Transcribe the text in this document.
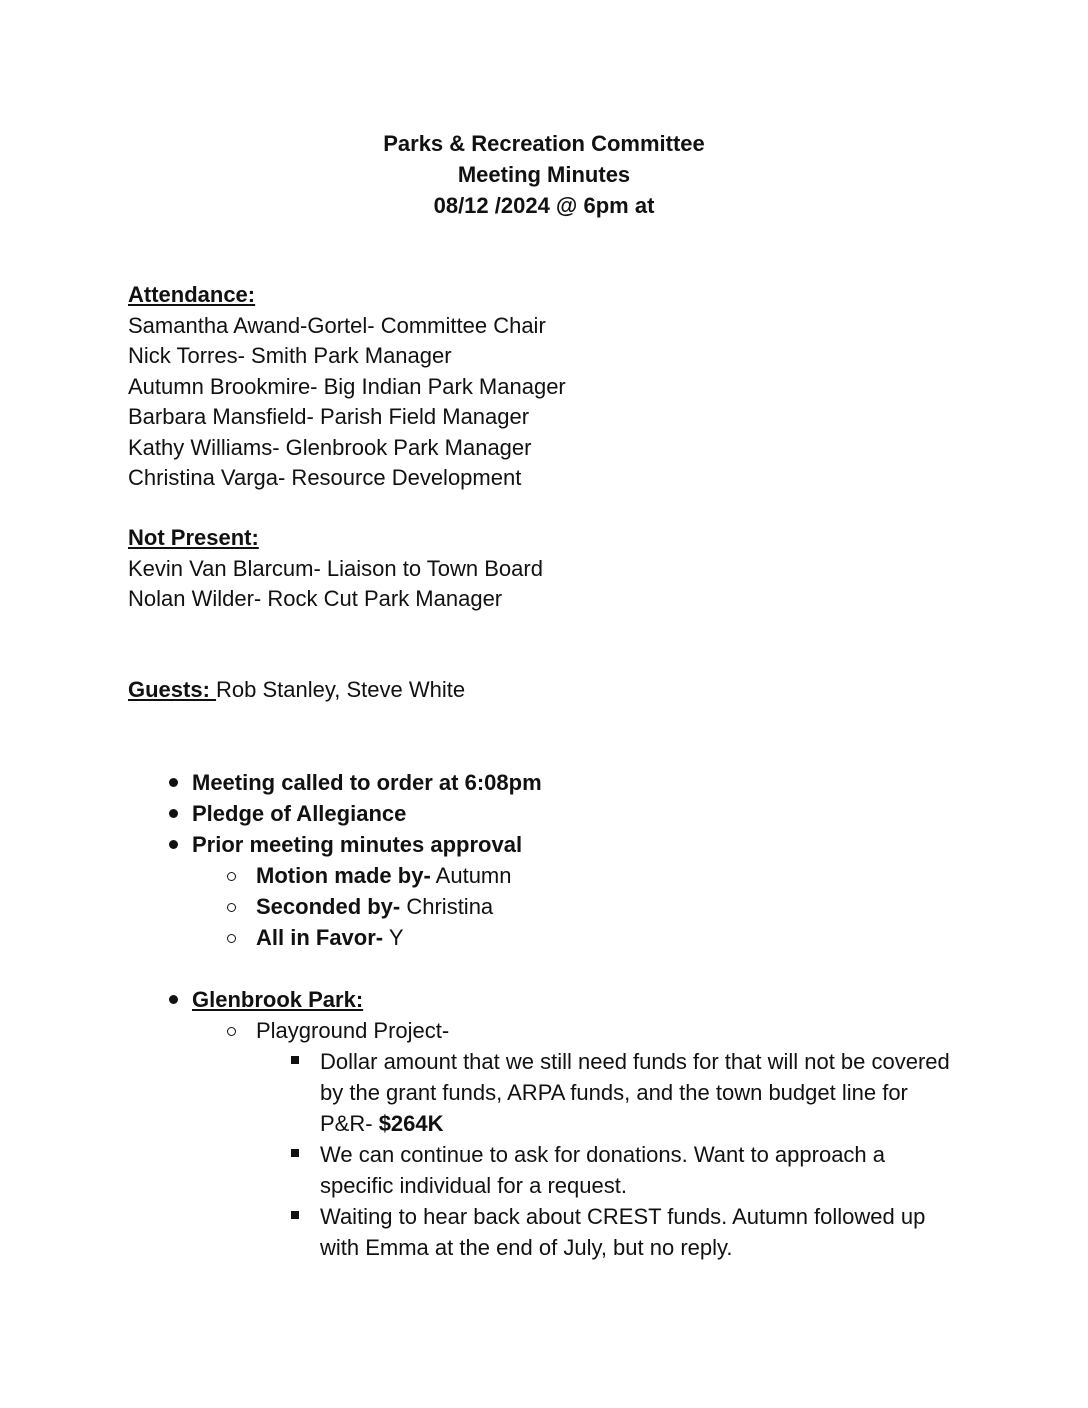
Parks & Recreation Committee
Meeting Minutes
08/12 /2024 @ 6pm at
Attendance:
Samantha Awand-Gortel- Committee Chair
Nick Torres- Smith Park Manager
Autumn Brookmire- Big Indian Park Manager
Barbara Mansfield- Parish Field Manager
Kathy Williams- Glenbrook Park Manager
Christina Varga- Resource Development
Not Present:
Kevin Van Blarcum- Liaison to Town Board
Nolan Wilder- Rock Cut Park Manager
Guests: Rob Stanley, Steve White
Meeting called to order at 6:08pm
Pledge of Allegiance
Prior meeting minutes approval
Motion made by- Autumn
Seconded by- Christina
All in Favor- Y
Glenbrook Park:
Playground Project-
Dollar amount that we still need funds for that will not be covered by the grant funds, ARPA funds, and the town budget line for P&R- $264K
We can continue to ask for donations. Want to approach a specific individual for a request.
Waiting to hear back about CREST funds. Autumn followed up with Emma at the end of July, but no reply.
